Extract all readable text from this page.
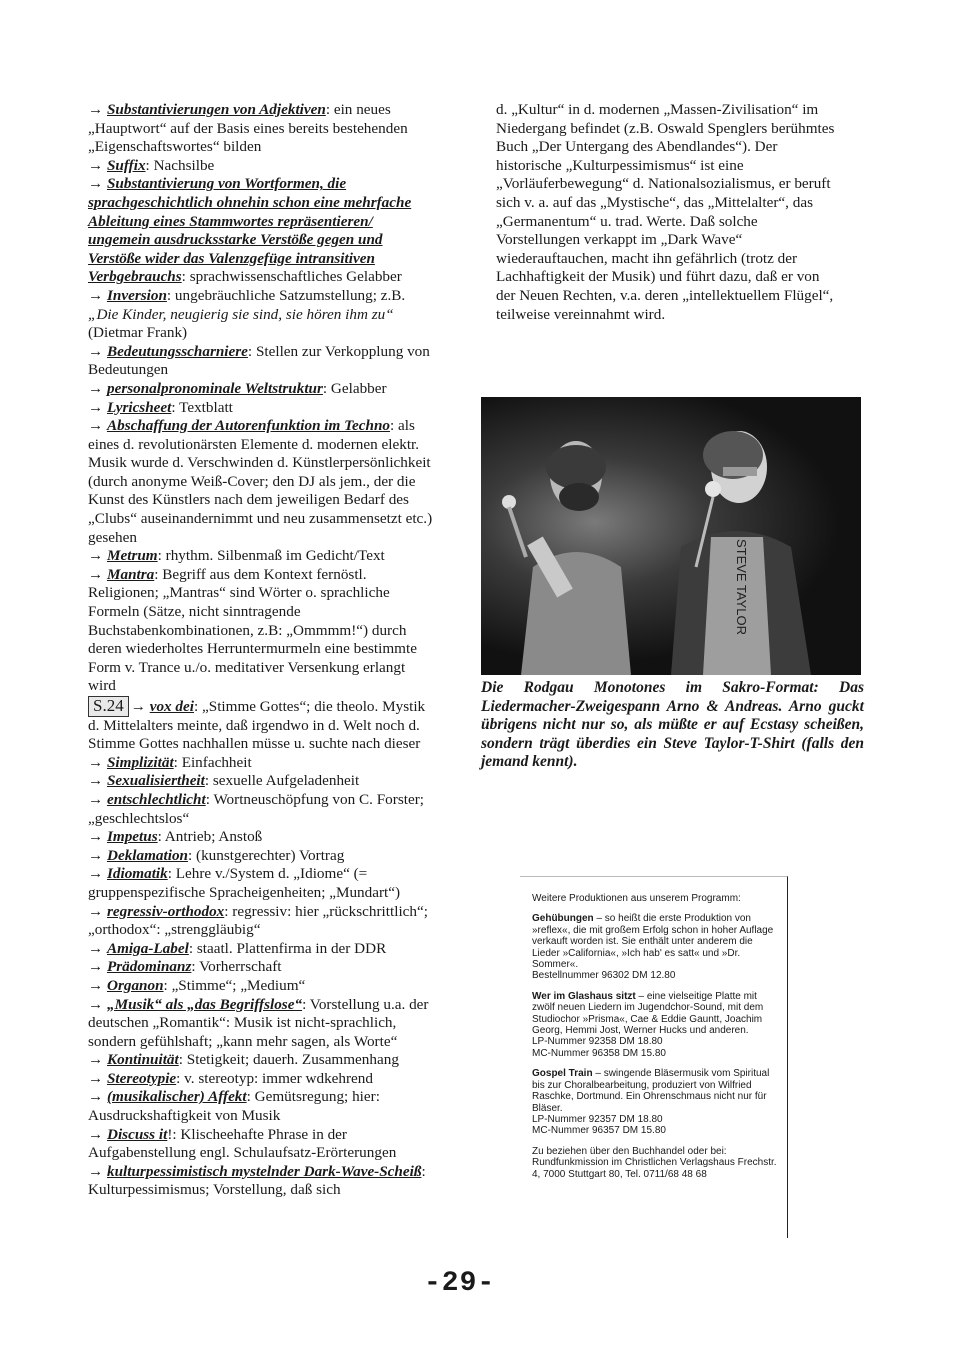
→ Substantivierungen von Adjektiven: ein neues „Hauptwort“ auf der Basis eines bereits bestehenden „Eigenschaftswortes“ bilden

→ Suffix: Nachsilbe

→ Substantivierung von Wortformen, die sprachgeschichtlich ohnehin schon eine mehrfache Ableitung eines Stammwortes repräsentieren/ ungemein ausdrucksstarke Verstöße gegen und Verstöße wider das Valenzgefüge intransitiven Verbgebrauchs: sprachwissenschaftliches Gelabber

→ Inversion: ungebräuchliche Satzumstellung; z.B.
„Die Kinder, neugierig sie sind, sie hören ihm zu“
(Dietmar Frank)

→ Bedeutungsscharniere: Stellen zur Verkopplung von Bedeutungen

→ personalpronominale Weltstruktur: Gelabber

→ Lyricsheet: Textblatt

→ Abschaffung der Autorenfunktion im Techno: als eines d. revolutionärsten Elemente d. modernen elektr. Musik wurde d. Verschwinden d. Künstlerpersönlichkeit (durch anonyme Weiß-Cover; den DJ als jem., der die Kunst des Künstlers nach dem jeweiligen Bedarf des „Clubs“ auseinandernimmt und neu zusammensetzt etc.) gesehen

→ Metrum: rhythm. Silbenmaß im Gedicht/Text

→ Mantra: Begriff aus dem Kontext fernöstl. Religionen; „Mantras“ sind Wörter o. sprachliche Formeln (Sätze, nicht sinntragende Buchstabenkombinationen, z.B: „Ommmm!“) durch deren wiederholtes Herruntermurmeln eine bestimmte Form v. Trance u./o. meditativer Versenkung erlangt wird

S.24 → vox dei: „Stimme Gottes“; die theolo. Mystik d. Mittelalters meinte, daß irgendwo in d. Welt noch d. Stimme Gottes nachhallen müsse u. suchte nach dieser

→ Simplizität: Einfachheit

→ Sexualisiertheit: sexuelle Aufgeladenheit

→ entschlechtlicht: Wortneuschöpfung von C. Forster; „geschlechtslos“

→ Impetus: Antrieb; Anstoß

→ Deklamation: (kunstgerechter) Vortrag

→ Idiomatik: Lehre v./System d. „Idiome“ (= gruppenspezifische Spracheigenheiten; „Mundart“)

→ regressiv-orthodox: regressiv: hier „rückschrittlich“; „orthodox“: „strenggläubig“

→ Amiga-Label: staatl. Plattenfirma in der DDR

→ Prädominanz: Vorherrschaft

→ Organon: „Stimme“; „Medium“

→ „Musik“ als „das Begriffslose“: Vorstellung u.a. der deutschen „Romantik“: Musik ist nicht-sprachlich, sondern gefühlshaft; „kann mehr sagen, als Worte“

→ Kontinuität: Stetigkeit; dauerh. Zusammenhang

→ Stereotypie: v. stereotyp: immer wdkehrend

→ (musikalischer) Affekt: Gemütsregung; hier: Ausdruckshaftigkeit von Musik

→ Discuss it!: Klischeehafte Phrase in der Aufgabenstellung engl. Schulaufsatz-Erörterungen

→ kulturpessimistisch mystelnder Dark-Wave-Scheiß: Kulturpessimismus; Vorstellung, daß sich

d. „Kultur“ in d. modernen „Massen-Zivilisation“ im Niedergang befindet (z.B. Oswald Spenglers berühmtes Buch „Der Untergang des Abendlandes“). Der historische „Kulturpessimismus“ ist eine „Vorläuferbewegung“ d. Nationalsozialismus, er beruft sich v. a. auf das „Mystische“, das „Mittelalter“, das „Germanentum“ u. trad. Werte. Daß solche Vorstellungen verkappt im „Dark Wave“ wiederauftauchen, macht ihn gefährlich (trotz der Lachhaftigkeit der Musik) und führt dazu, daß er von der Neuen Rechten, v.a. deren „intellektuellem Flügel“, teilweise vereinnahmt wird.

STEVE TAYLOR
Die Rodgau Monotones im Sakro-Format: Das Liedermacher-Zweigespann Arno & Andreas. Arno guckt übrigens nicht nur so, als müßte er auf Ecstasy scheißen, sondern trägt überdies ein Steve Taylor-T-Shirt (falls den jemand kennt).

Weitere Produktionen aus unserem Programm:

Gehübungen – so heißt die erste Produktion von »reflex«, die mit großem Erfolg schon in hoher Auflage verkauft worden ist. Sie enthält unter anderem die Lieder »California«, »Ich hab' es satt« und »Dr. Sommer«.
Bestellnummer 96302 DM 12.80

Wer im Glashaus sitzt – eine vielseitige Platte mit zwölf neuen Liedern im Jugendchor-Sound, mit dem Studiochor »Prisma«, Cae & Eddie Gauntt, Joachim Georg, Hemmi Jost, Werner Hucks und anderen.
LP-Nummer 92358 DM 18.80
MC-Nummer 96358 DM 15.80

Gospel Train – swingende Bläsermusik vom Spiritual bis zur Choralbearbeitung, produziert von Wilfried Raschke, Dortmund. Ein Ohrenschmaus nicht nur für Bläser.
LP-Nummer 92357 DM 18.80
MC-Nummer 96357 DM 15.80

Zu beziehen über den Buchhandel oder bei: Rundfunkmission im Christlichen Verlagshaus Frechstr. 4, 7000 Stuttgart 80, Tel. 0711/68 48 68

-29-
